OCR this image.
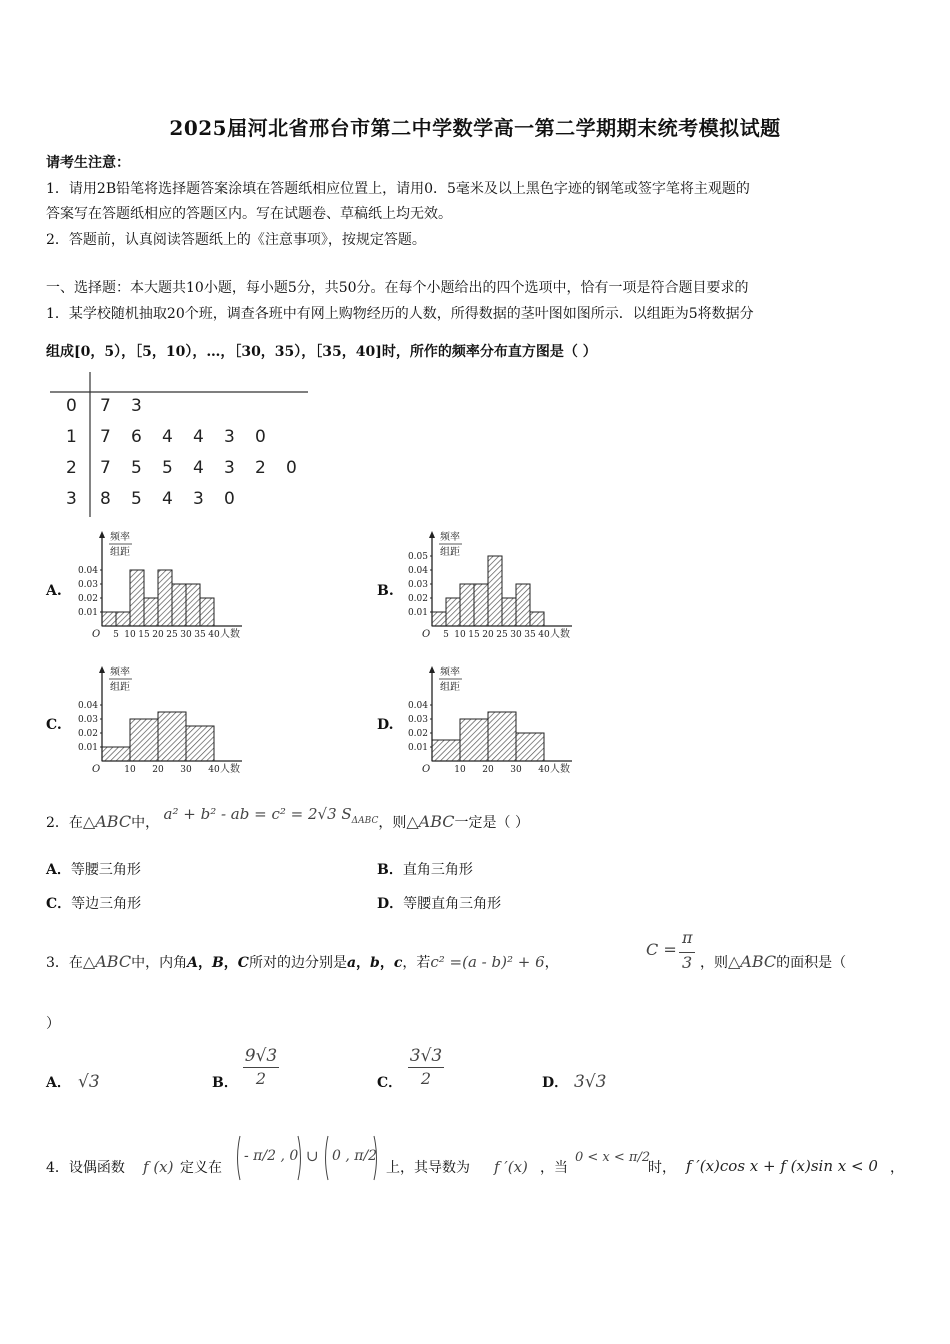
2025届河北省邢台市第二中学数学高一第二学期期末统考模拟试题
请考生注意：
1．请用2B铅笔将选择题答案涂填在答题纸相应位置上，请用0．5毫米及以上黑色字迹的钢笔或签字笔将主观题的
答案写在答题纸相应的答题区内。写在试题卷、草稿纸上均无效。
2．答题前，认真阅读答题纸上的《注意事项》，按规定答题。
一、选择题：本大题共10小题，每小题5分，共50分。在每个小题给出的四个选项中，恰有一项是符合题目要求的
1．某学校随机抽取20个班，调查各班中有网上购物经历的人数，所得数据的茎叶图如图所示．以组距为5将数据分
组成[0，5），［5，10），…，［30，35），［35，40]时，所作的频率分布直方图是（ ）
0 7 3
1 7 6 4 4 3 0
2 7 5 5 4 3 2 0
3 8 5 4 3 0
A.
频率
组距
0.01
0.02
0.03
0.04
O 5 10 15 20 25 30 35 40 人数
B.
频率
组距
0.01
0.02
0.03
0.04
0.05
O 5 10 15 20 25 30 35 40 人数
C.
频率
组距
0.01
0.02
0.03
0.04
O	10 20 30 40 人数
D.
频率
组距
0.01
0.02
0.03
0.04
O	10 20 30 40 人数
2．在△ABC中， a² + b² - ab = c² = 2√3 $S^{\Delta ABC}$，则△ABC一定是（ ）
A．等腰三角形	B．直角三角形
C．等边三角形	D．等腰直角三角形
3．在△ABC中，内角A，B，C所对的边分别是a，b，c，若c² =(a - b)² + 6，
C =
π
3 ，则△ABC的面积是（
）
A． √3	B．
9√3
2	C．
3√3
2	D． 3√3
4．设偶函数 f (x) 定义在
- π/2 , 0 ∪ 0 , π/2
上，其导数为 f ′(x) ，当
0 < x < π/2
时， f ′(x)cos x + f (x)sin x < 0 ，
